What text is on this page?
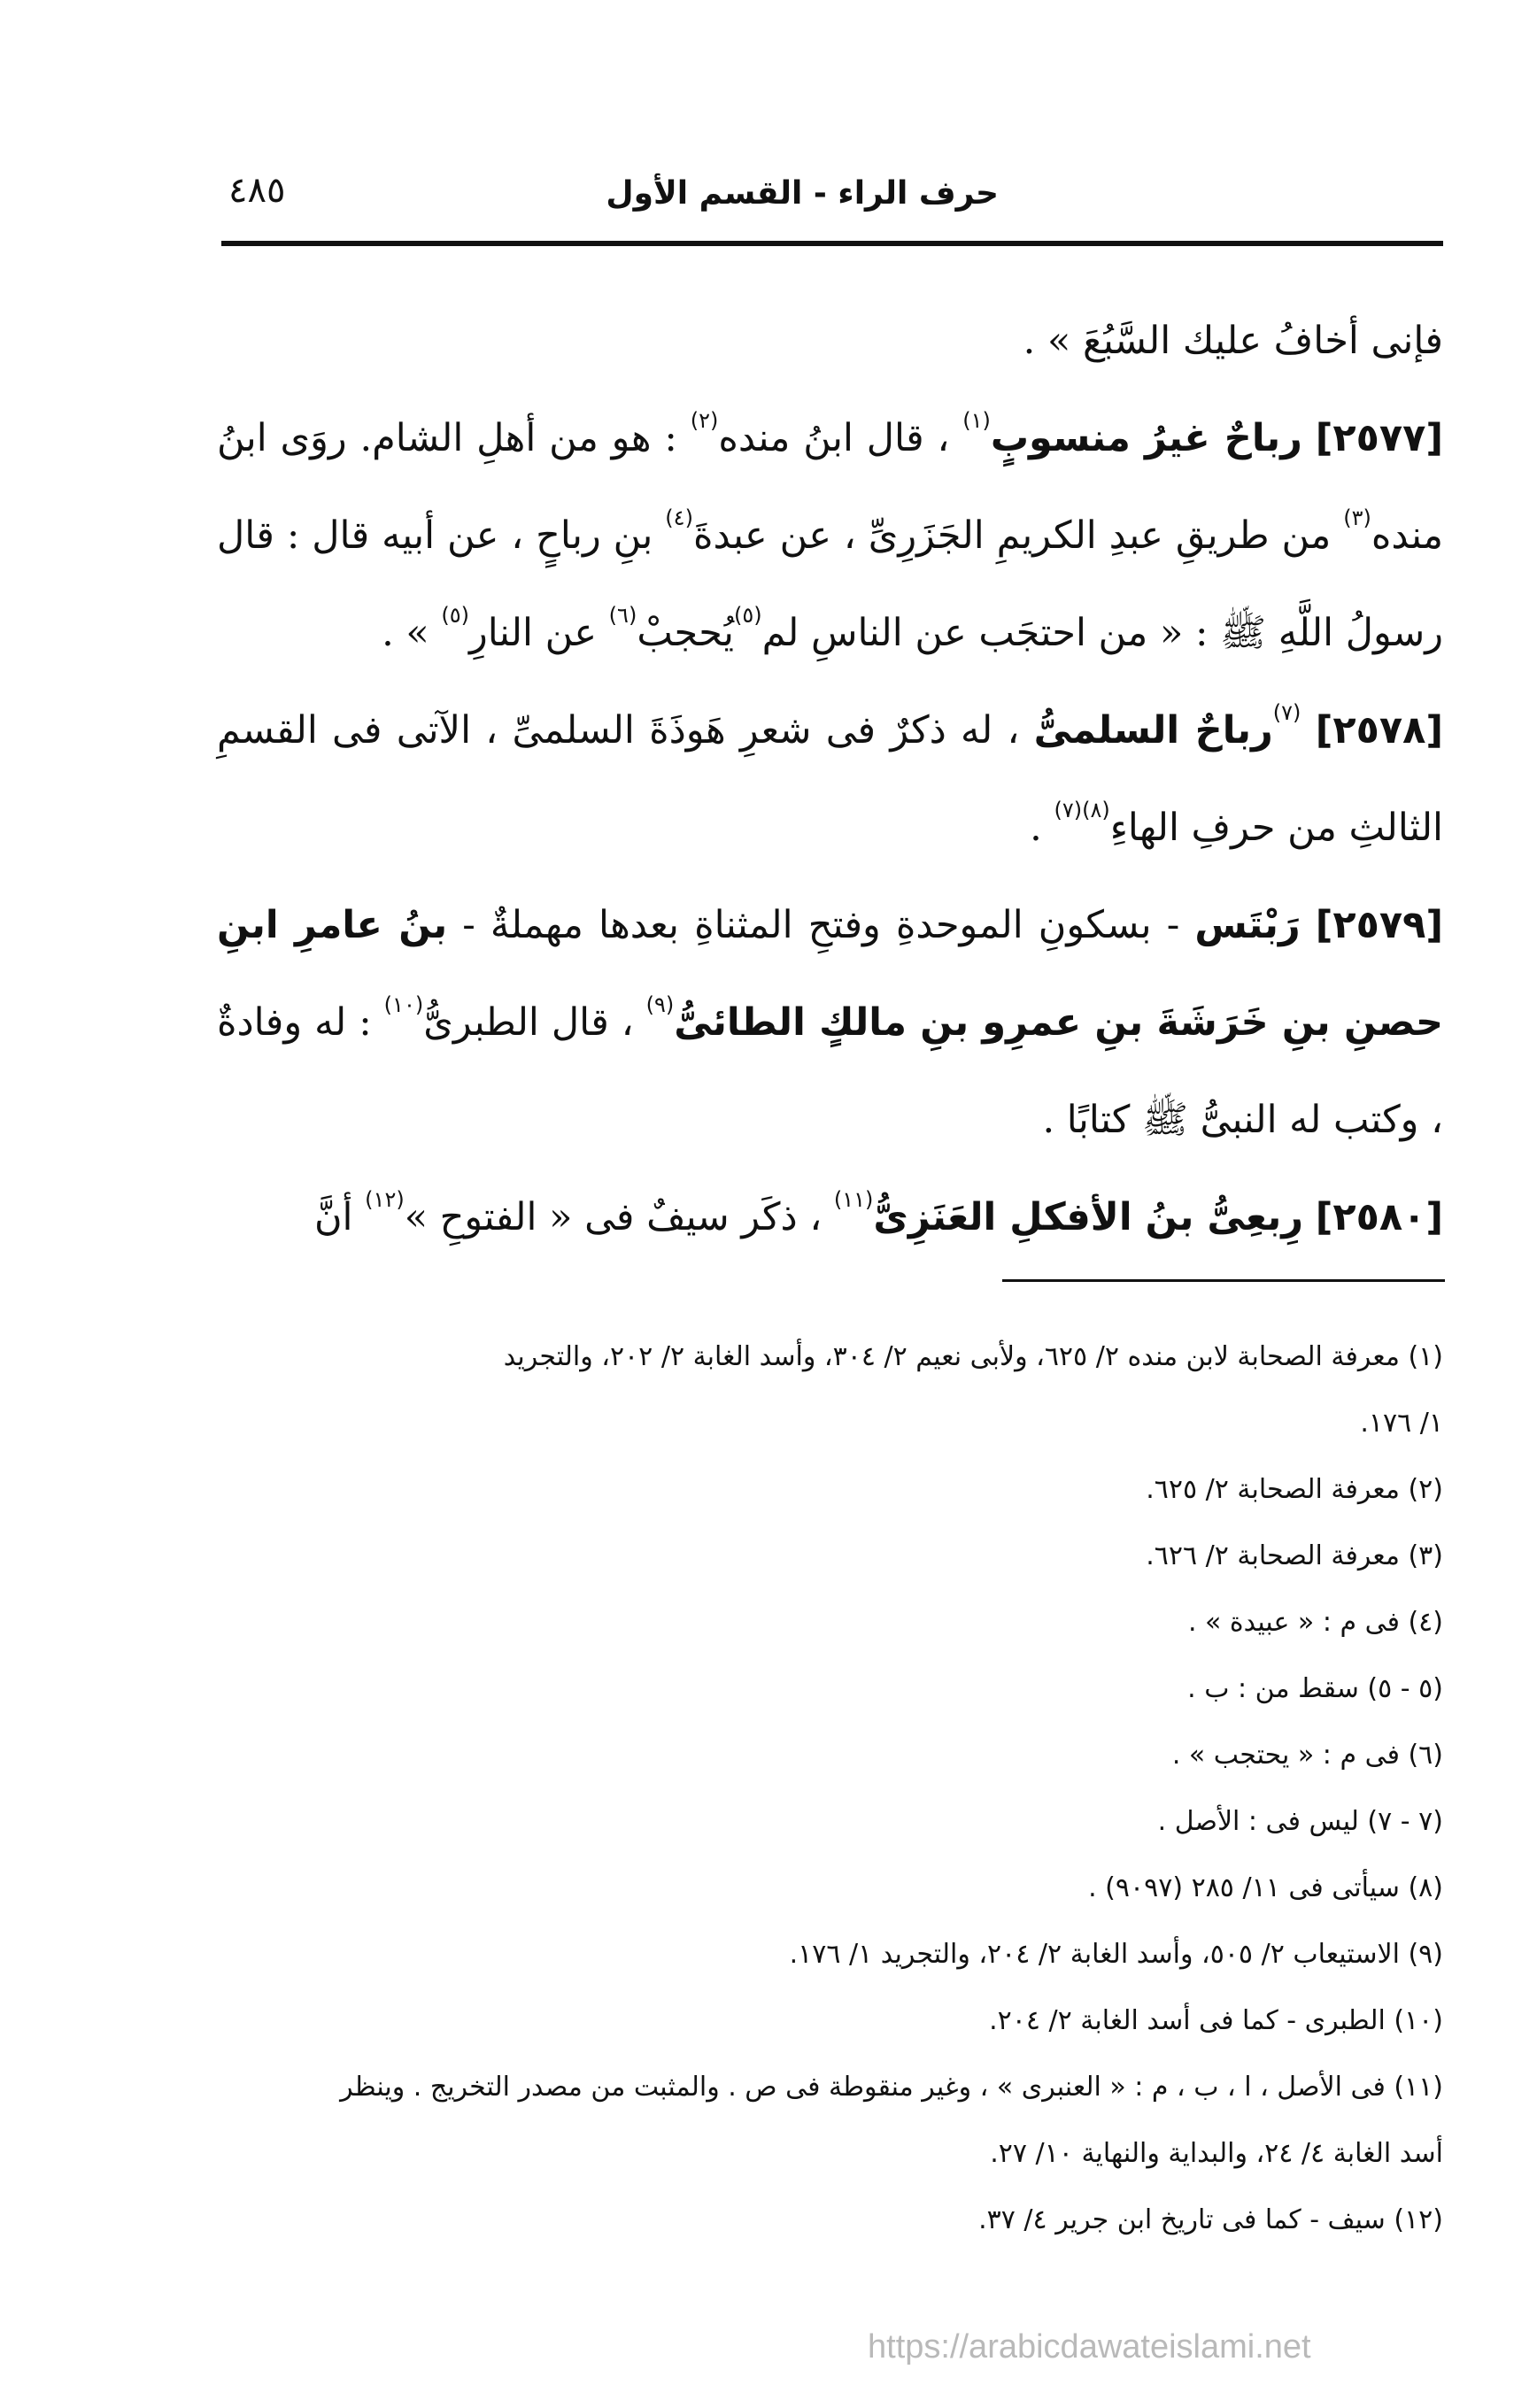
حرف الراء - القسم الأول
٤٨٥

فإنى أخافُ عليك السَّبُعَ » .

[٢٥٧٧] رباحٌ غيرُ منسوبٍ$^{(١)}$ ، قال ابنُ منده$^{(٢)}$ : هو من أهلِ الشام. روَى ابنُ منده$^{(٣)}$ من طريقِ عبدِ الكريمِ الجَزَرِىِّ ، عن عبدةَ$^{(٤)}$ بنِ رباحٍ ، عن أبيه قال : قال رسولُ اللَّهِ ﷺ : « من احتجَب عن الناسِ لم$^{(٥)}$يُحجبْ$^{(٦)}$ عن النارِ$^{(٥)}$ » .

[٢٥٧٨] $^{(٧)}$رباحٌ السلمىُّ ، له ذكرٌ فى شعرِ هَوذَةَ السلمىِّ ، الآتى فى القسمِ الثالثِ من حرفِ الهاءِ$^{(٨)(٧)}$ .

[٢٥٧٩] رَبْتَس - بسكونِ الموحدةِ وفتحِ المثناةِ بعدها مهملةٌ - بنُ عامرِ ابنِ حصنِ بنِ خَرَشَةَ بنِ عمرِو بنِ مالكٍ الطائىُّ$^{(٩)}$ ، قال الطبرىُّ$^{(١٠)}$ : له وفادةٌ ، وكتب له النبىُّ ﷺ كتابًا .

[٢٥٨٠] رِبعِىُّ بنُ الأفكلِ العَنَزِىُّ$^{(١١)}$ ، ذكَر سيفٌ فى « الفتوحِ »$^{(١٢)}$ أنَّ

(١) معرفة الصحابة لابن منده ٢/ ٦٢٥، ولأبى نعيم ٢/ ٣٠٤، وأسد الغابة ٢/ ٢٠٢، والتجريد

١/ ١٧٦.

(٢) معرفة الصحابة ٢/ ٦٢٥.

(٣) معرفة الصحابة ٢/ ٦٢٦.

(٤) فى م : « عبيدة » .

(٥ - ٥) سقط من : ب .

(٦) فى م : « يحتجب » .

(٧ - ٧) ليس فى : الأصل .

(٨) سيأتى فى ١١/ ٢٨٥ (٩٠٩٧) .

(٩) الاستيعاب ٢/ ٥٠٥، وأسد الغابة ٢/ ٢٠٤، والتجريد ١/ ١٧٦.

(١٠) الطبرى - كما فى أسد الغابة ٢/ ٢٠٤.

(١١) فى الأصل ، ا ، ب ، م : « العنبرى » ، وغير منقوطة فى ص . والمثبت من مصدر التخريج . وينظر

أسد الغابة ٤/ ٢٤، والبداية والنهاية ١٠/ ٢٧.

(١٢) سيف - كما فى تاريخ ابن جرير ٤/ ٣٧.

https://arabicdawateislami.net
